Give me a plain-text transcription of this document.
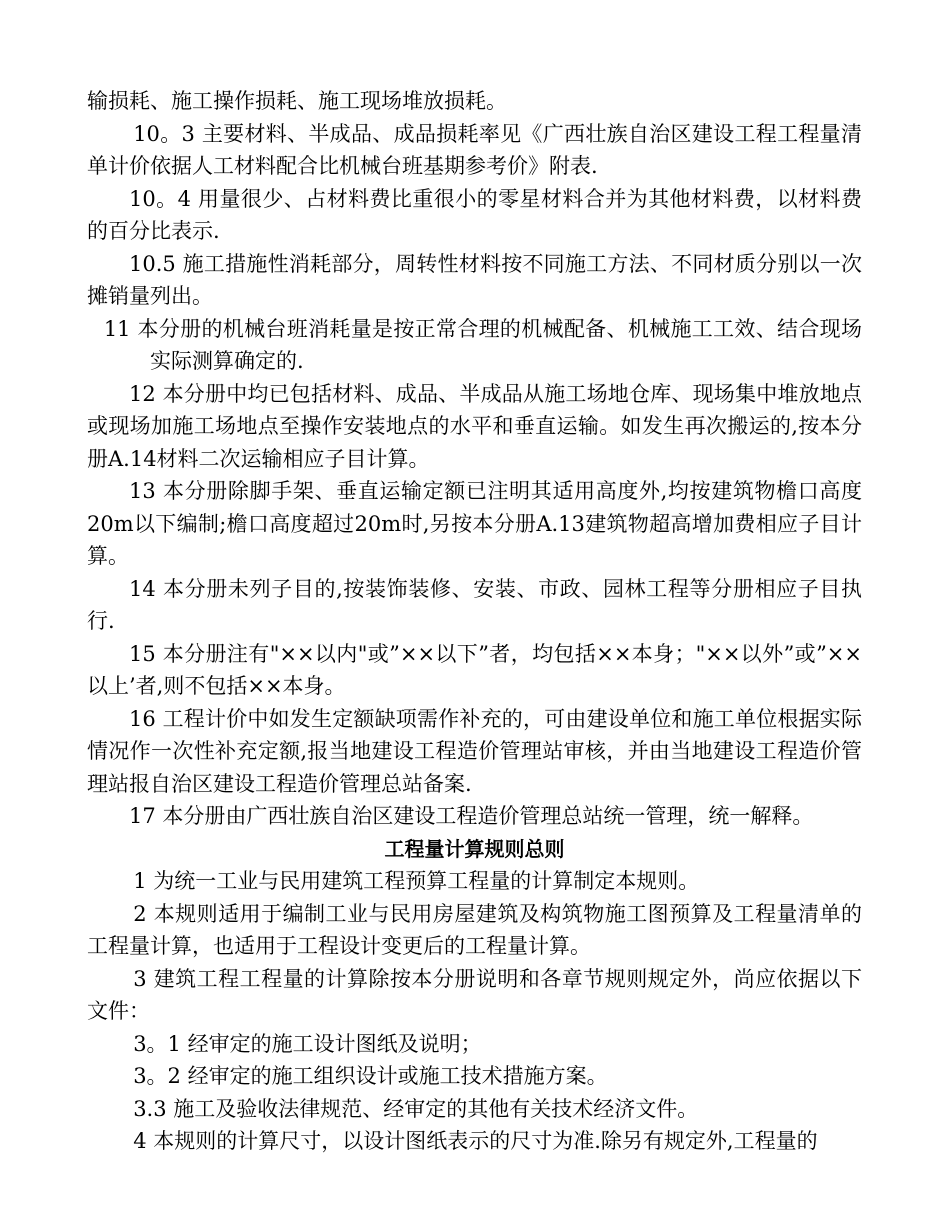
输损耗、施工操作损耗、施工现场堆放损耗。

10。3 主要材料、半成品、成品损耗率见《广西壮族自治区建设工程工程量清单计价依据人工材料配合比机械台班基期参考价》附表.

10。4 用量很少、占材料费比重很小的零星材料合并为其他材料费，以材料费的百分比表示.

10.5 施工措施性消耗部分，周转性材料按不同施工方法、不同材质分别以一次摊销量列出。

11 本分册的机械台班消耗量是按正常合理的机械配备、机械施工工效、结合现场实际测算确定的.

12 本分册中均已包括材料、成品、半成品从施工场地仓库、现场集中堆放地点或现场加施工场地点至操作安装地点的水平和垂直运输。如发生再次搬运的,按本分册A.14材料二次运输相应子目计算。

13 本分册除脚手架、垂直运输定额已注明其适用高度外,均按建筑物檐口高度20m以下编制;檐口高度超过20m时,另按本分册A.13建筑物超高增加费相应子目计算。

14 本分册未列子目的,按装饰装修、安装、市政、园林工程等分册相应子目执行.

15 本分册注有"××以内"或”××以下”者，均包括××本身；"××以外”或”××以上’者,则不包括××本身。

16 工程计价中如发生定额缺项需作补充的，可由建设单位和施工单位根据实际情况作一次性补充定额,报当地建设工程造价管理站审核，并由当地建设工程造价管理站报自治区建设工程造价管理总站备案.

17 本分册由广西壮族自治区建设工程造价管理总站统一管理，统一解释。

工程量计算规则总则

1 为统一工业与民用建筑工程预算工程量的计算制定本规则。

2 本规则适用于编制工业与民用房屋建筑及构筑物施工图预算及工程量清单的工程量计算，也适用于工程设计变更后的工程量计算。

3 建筑工程工程量的计算除按本分册说明和各章节规则规定外，尚应依据以下文件：

3。1 经审定的施工设计图纸及说明；

3。2 经审定的施工组织设计或施工技术措施方案。

3.3 施工及验收法律规范、经审定的其他有关技术经济文件。

4 本规则的计算尺寸，以设计图纸表示的尺寸为准.除另有规定外,工程量的
